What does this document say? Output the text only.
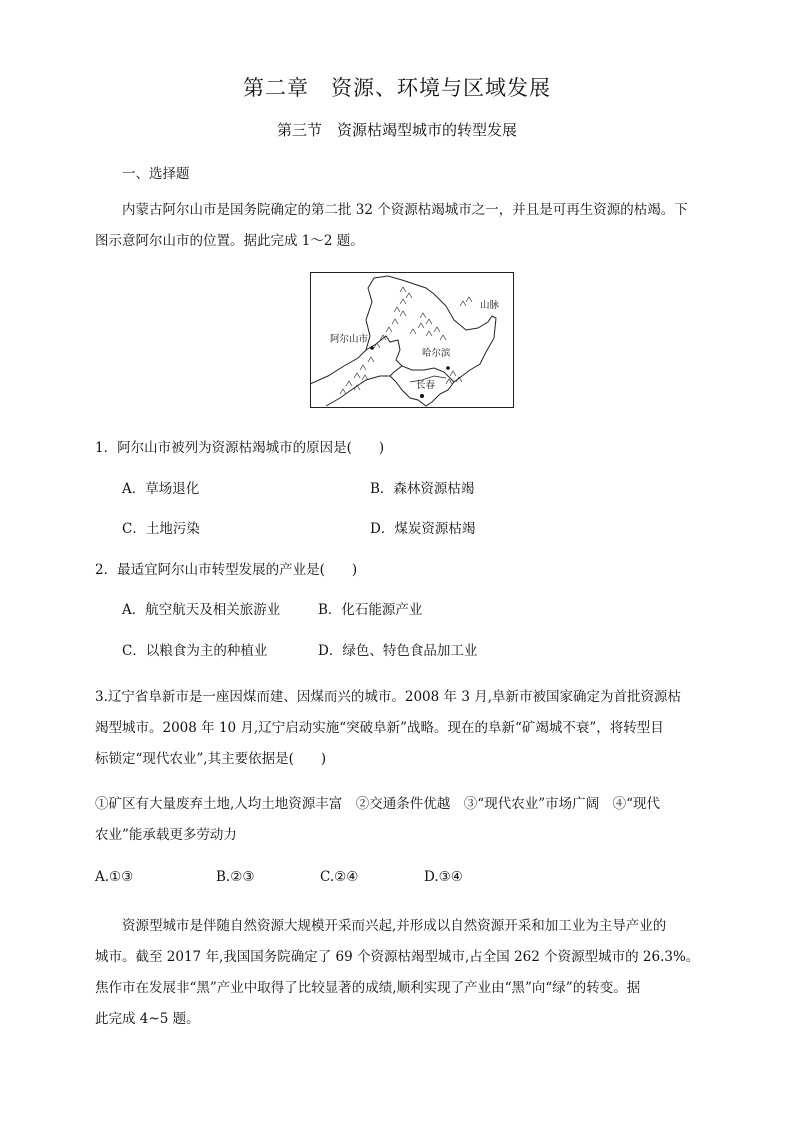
第二章　资源、环境与区域发展
第三节　资源枯竭型城市的转型发展
一、选择题
内蒙古阿尔山市是国务院确定的第二批 32 个资源枯竭城市之一，并且是可再生资源的枯竭。下
图示意阿尔山市的位置。据此完成 1～2 题。
阿尔山市
哈尔滨
长春
山脉
1．阿尔山市被列为资源枯竭城市的原因是(　　)
A．草场退化	B．森林资源枯竭
C．土地污染	D．煤炭资源枯竭
2．最适宜阿尔山市转型发展的产业是(　　)
A．航空航天及相关旅游业	B．化石能源产业
C．以粮食为主的种植业	D．绿色、特色食品加工业
3.辽宁省阜新市是一座因煤而建、因煤而兴的城市。2008 年 3 月,阜新市被国家确定为首批资源枯
竭型城市。2008 年 10 月,辽宁启动实施“突破阜新”战略。现在的阜新“矿竭城不衰”，将转型目
标锁定“现代农业”,其主要依据是(　　)
①矿区有大量废弃土地,人均土地资源丰富　②交通条件优越　③“现代农业”市场广阔　④“现代
农业”能承载更多劳动力
A.①③	B.②③	C.②④	D.③④
资源型城市是伴随自然资源大规模开采而兴起,并形成以自然资源开采和加工业为主导产业的
城市。截至 2017 年,我国国务院确定了 69 个资源枯竭型城市,占全国 262 个资源型城市的 26.3%。
焦作市在发展非“黑”产业中取得了比较显著的成绩,顺利实现了产业由“黑”向“绿”的转变。据
此完成 4~5 题。
